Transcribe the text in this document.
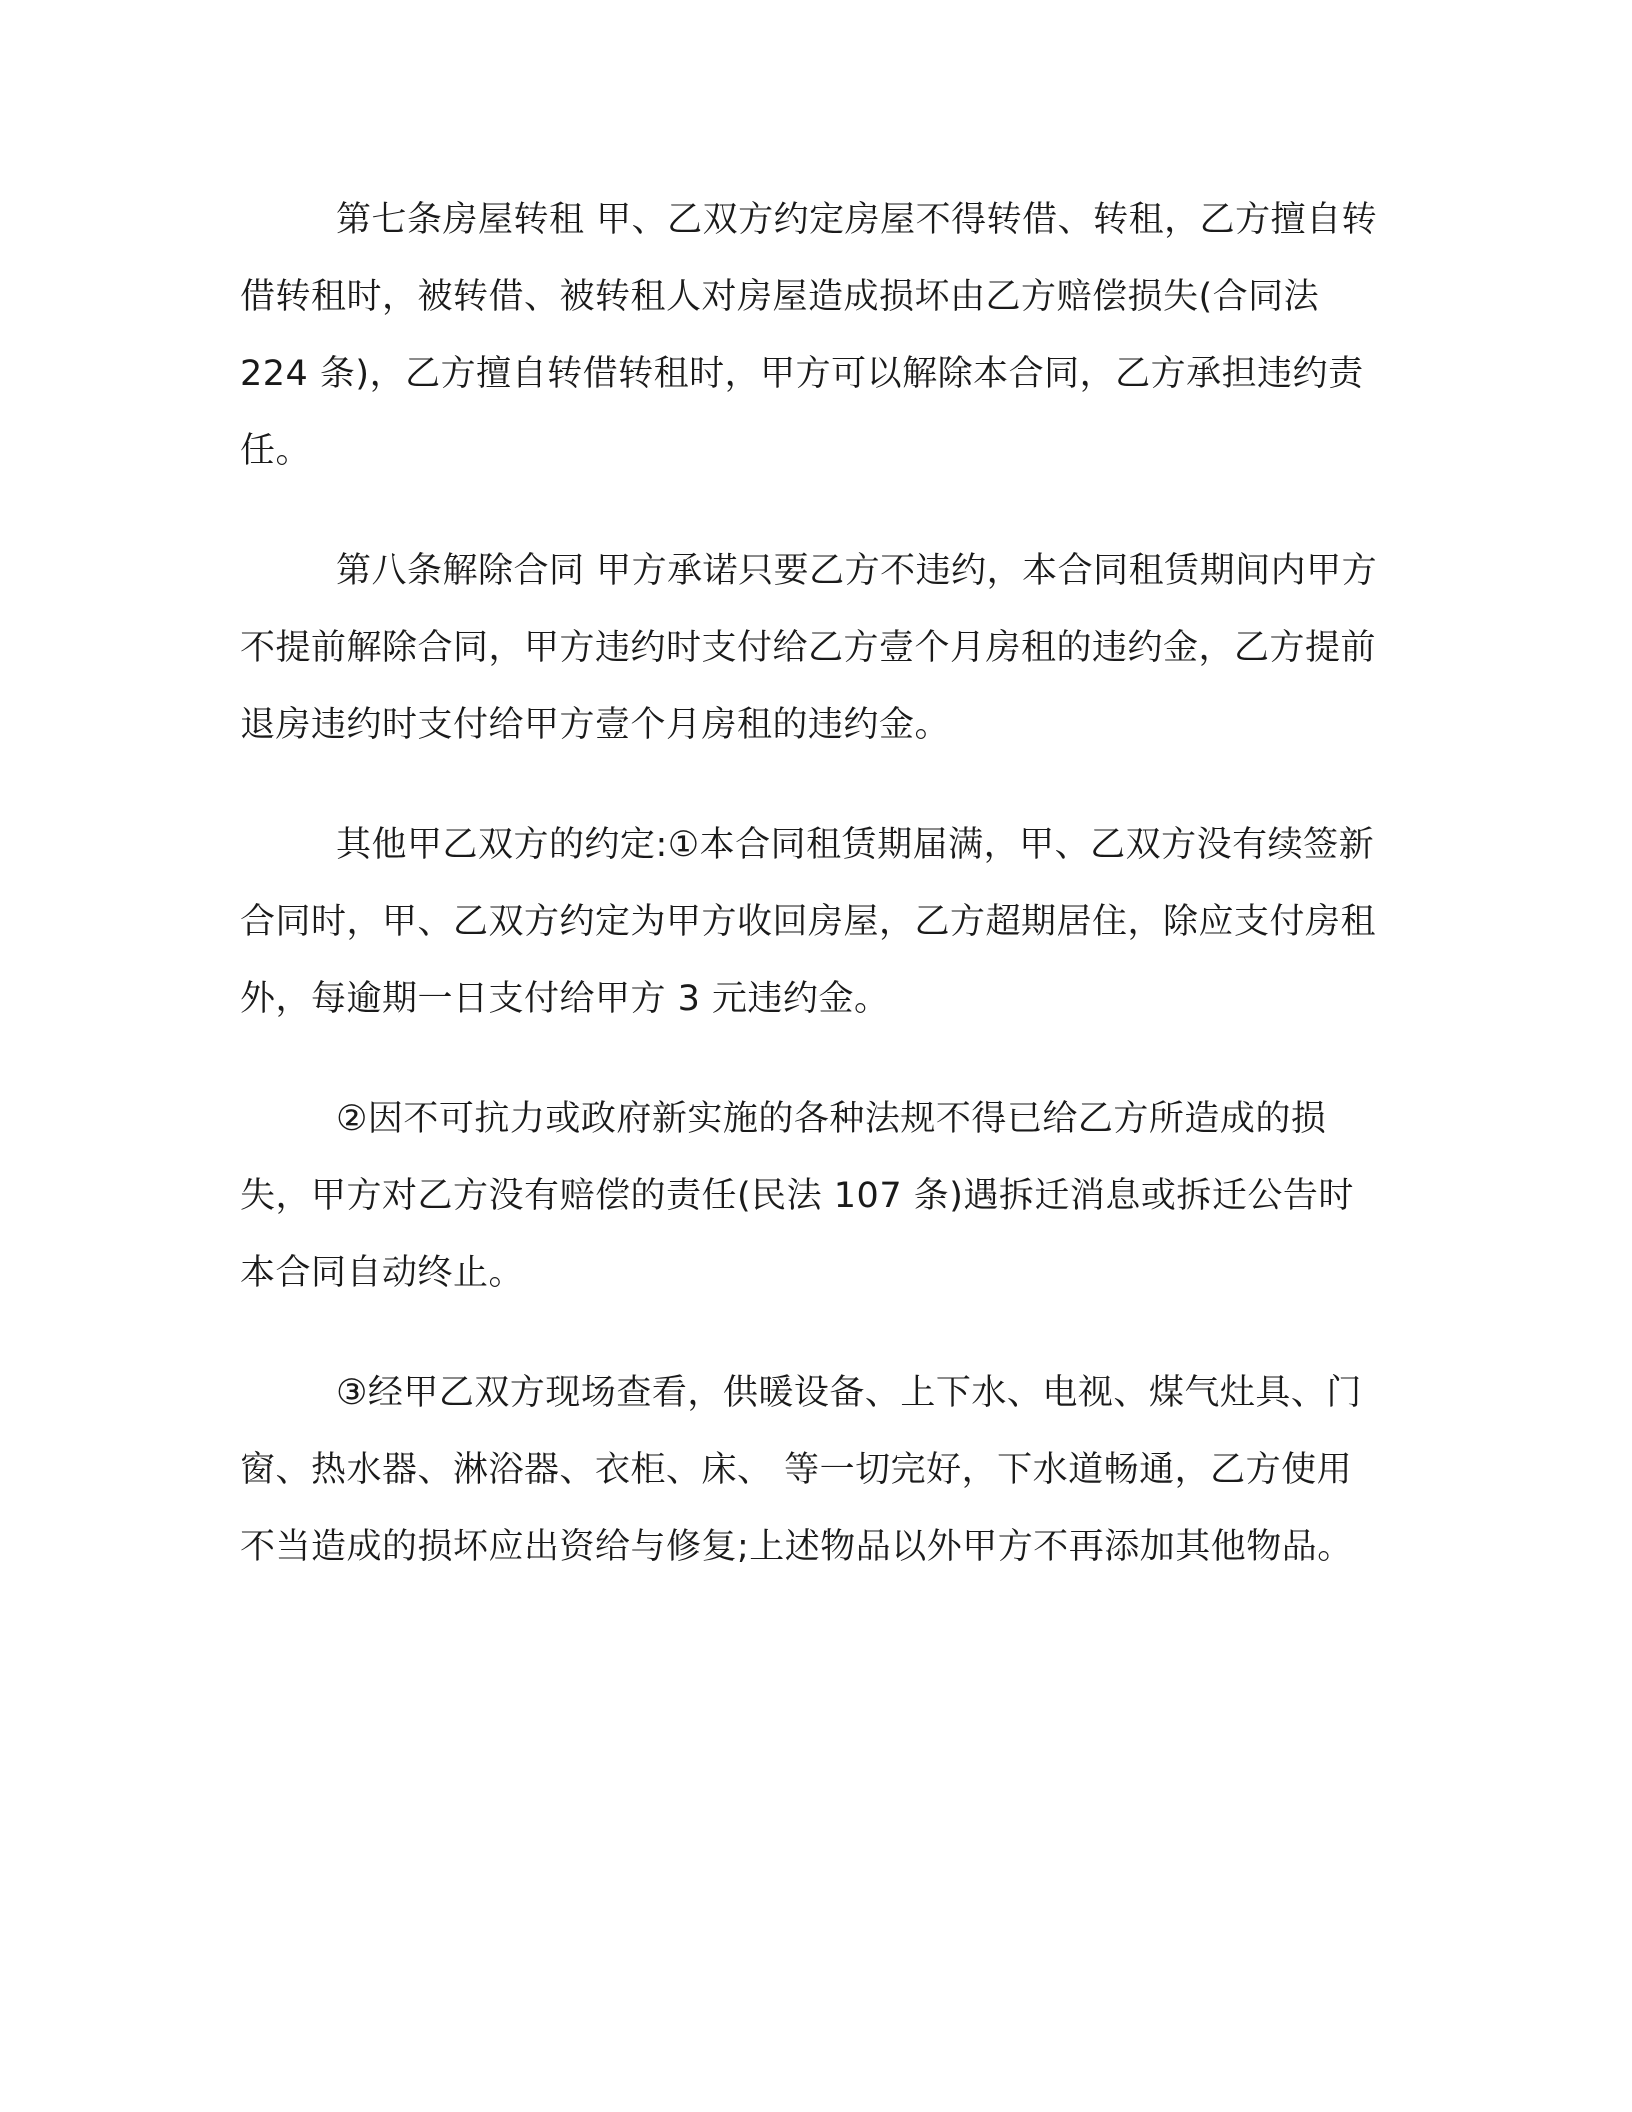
第七条房屋转租 甲、乙双方约定房屋不得转借、转租，乙方擅自转借转租时，被转借、被转租人对房屋造成损坏由乙方赔偿损失(合同法 224 条)，乙方擅自转借转租时，甲方可以解除本合同，乙方承担违约责任。

第八条解除合同 甲方承诺只要乙方不违约，本合同租赁期间内甲方不提前解除合同，甲方违约时支付给乙方壹个月房租的违约金，乙方提前退房违约时支付给甲方壹个月房租的违约金。

其他甲乙双方的约定:①本合同租赁期届满，甲、乙双方没有续签新合同时，甲、乙双方约定为甲方收回房屋，乙方超期居住，除应支付房租外，每逾期一日支付给甲方 3 元违约金。

②因不可抗力或政府新实施的各种法规不得已给乙方所造成的损失，甲方对乙方没有赔偿的责任(民法 107 条)遇拆迁消息或拆迁公告时本合同自动终止。

③经甲乙双方现场查看，供暖设备、上下水、电视、煤气灶具、门窗、热水器、淋浴器、衣柜、床、 等一切完好，下水道畅通，乙方使用不当造成的损坏应出资给与修复;上述物品以外甲方不再添加其他物品。
